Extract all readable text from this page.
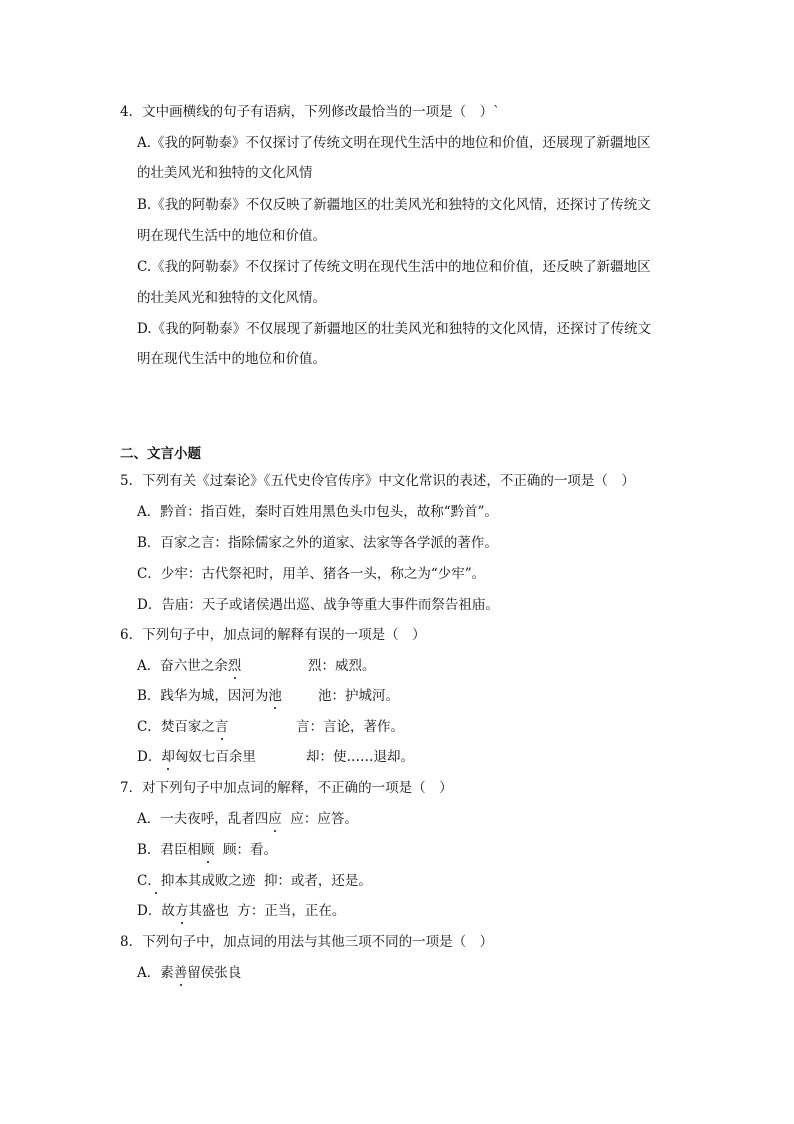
4．文中画横线的句子有语病，下列修改最恰当的一项是（　）`
A.《我的阿勒泰》不仅探讨了传统文明在现代生活中的地位和价值，还展现了新疆地区
的壮美风光和独特的文化风情
B.《我的阿勒泰》不仅反映了新疆地区的壮美风光和独特的文化风情，还探讨了传统文
明在现代生活中的地位和价值。
C.《我的阿勒泰》不仅探讨了传统文明在现代生活中的地位和价值，还反映了新疆地区
的壮美风光和独特的文化风情。
D.《我的阿勒泰》不仅展现了新疆地区的壮美风光和独特的文化风情，还探讨了传统文
明在现代生活中的地位和价值。
二、文言小题
5．下列有关《过秦论》《五代史伶官传序》中文化常识的表述，不正确的一项是（　）
A．黔首：指百姓，秦时百姓用黑色头巾包头，故称“黔首”。
B．百家之言：指除儒家之外的道家、法家等各学派的著作。
C．少牢：古代祭祀时，用羊、猪各一头，称之为“少牢”。
D．告庙：天子或诸侯遇出巡、战争等重大事件而祭告祖庙。
6．下列句子中，加点词的解释有误的一项是（　）
A．奋六世之余烈	烈：威烈。
B．践华为城，因河为池	池：护城河。
C．焚百家之言	言：言论，著作。
D．却匈奴七百余里	却：使……退却。
7．对下列句子中加点词的解释，不正确的一项是（　）
A．一夫夜呼，乱者四应 应：应答。
B．君臣相顾 顾：看。
C．抑本其成败之迹 抑：或者，还是。
D．故方其盛也 方：正当，正在。
8．下列句子中，加点词的用法与其他三项不同的一项是（　）
A．素善留侯张良
